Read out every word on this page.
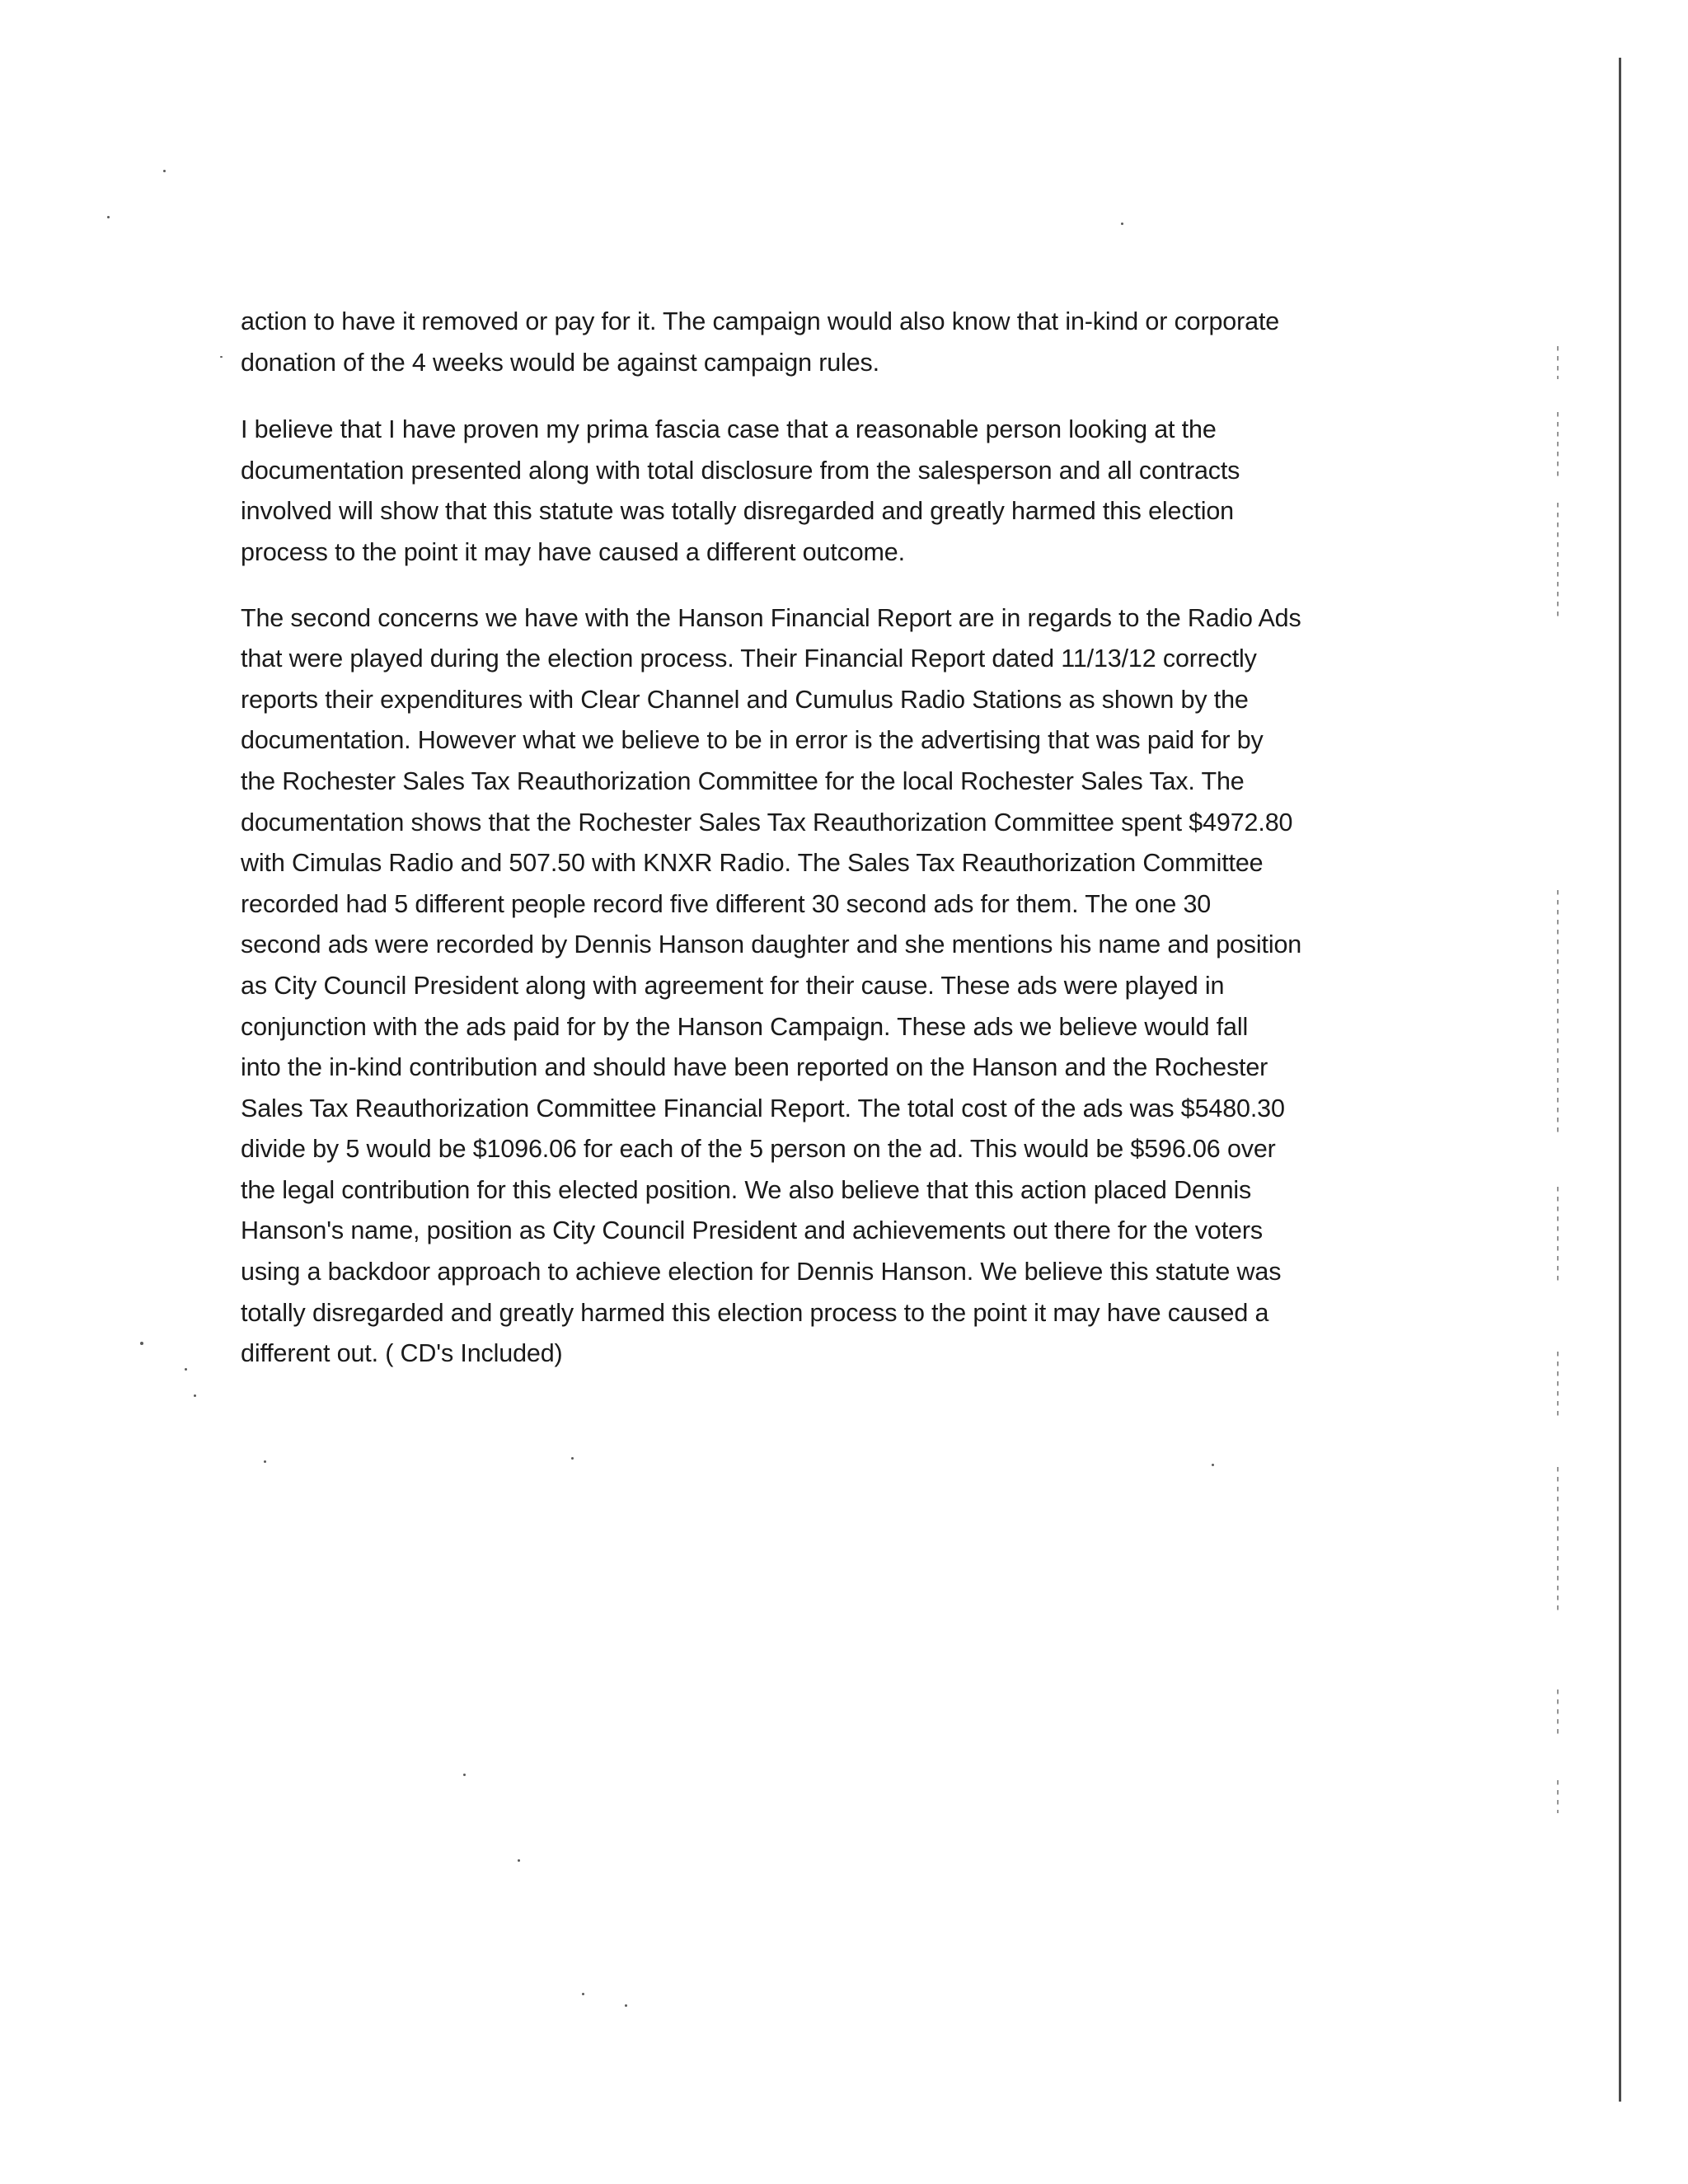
action to have it removed or pay for it. The campaign would also know that in-kind or corporate
donation of the 4 weeks would be against campaign rules.

I believe that I have proven my prima fascia case that a reasonable person looking at the
documentation presented along with total disclosure from the salesperson and all contracts
involved will show that this statute was totally disregarded and greatly harmed this election
process to the point it may have caused a different outcome.

The second concerns we have with the Hanson Financial Report are in regards to the Radio Ads
that were played during the election process. Their Financial Report dated 11/13/12 correctly
reports their expenditures with Clear Channel and Cumulus Radio Stations as shown by the
documentation. However what we believe to be in error is the advertising that was paid for by
the Rochester Sales Tax Reauthorization Committee for the local Rochester Sales Tax. The
documentation shows that the Rochester Sales Tax Reauthorization Committee spent $4972.80
with Cimulas Radio and 507.50 with KNXR Radio. The Sales Tax Reauthorization Committee
recorded had 5 different people record five different 30 second ads for them. The one 30
second ads were recorded by Dennis Hanson daughter and she mentions his name and position
as City Council President along with agreement for their cause. These ads were played in
conjunction with the ads paid for by the Hanson Campaign. These ads we believe would fall
into the in-kind contribution and should have been reported on the Hanson and the Rochester
Sales Tax Reauthorization Committee Financial Report. The total cost of the ads was $5480.30
divide by 5 would be $1096.06 for each of the 5 person on the ad. This would be $596.06 over
the legal contribution for this elected position. We also believe that this action placed Dennis
Hanson's name, position as City Council President and achievements out there for the voters
using a backdoor approach to achieve election for Dennis Hanson. We believe this statute was
totally disregarded and greatly harmed this election process to the point it may have caused a
different out. ( CD's Included)
